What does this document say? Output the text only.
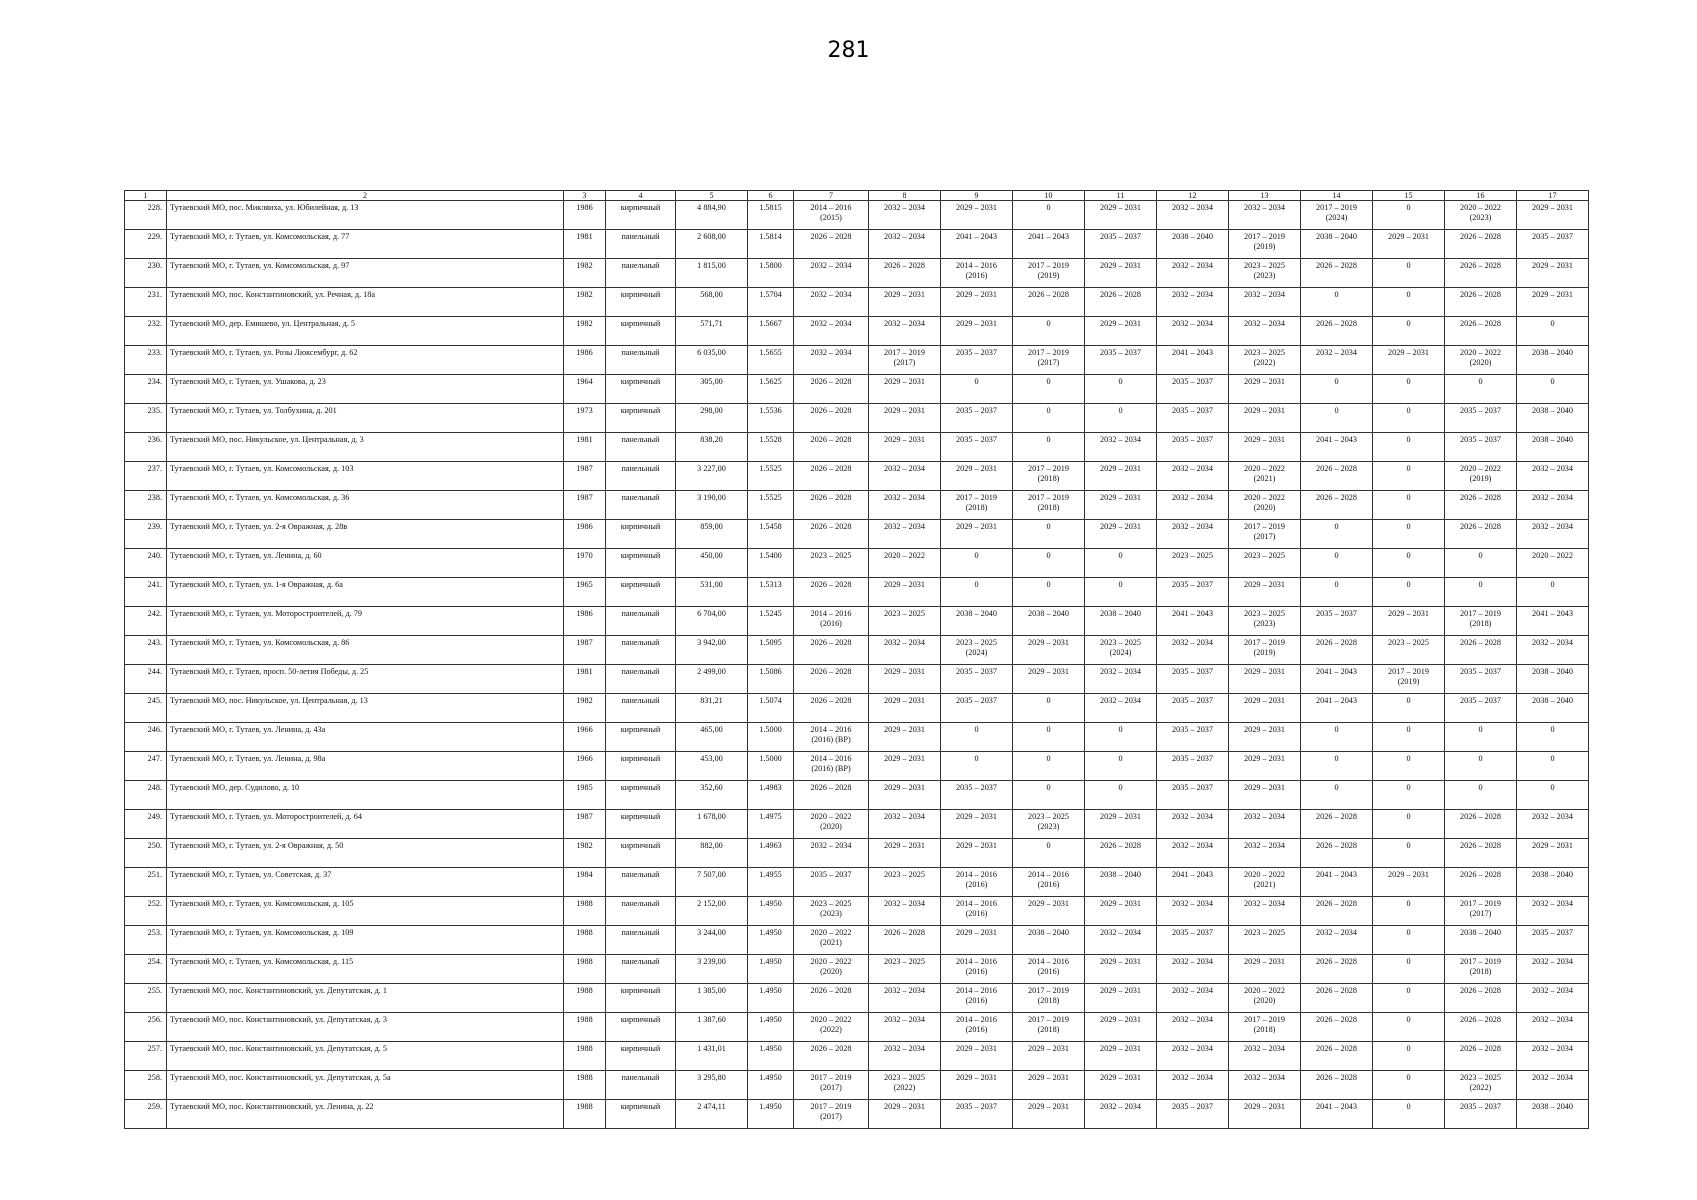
281
1	2	3	4	5	6	7	8	9	10	11	12	13	14	15	16	17
228.	Тутаевский МО, пос. Микляиха, ул. Юбилейная, д. 13	1986	кирпичный	4 884,90	1.5815	2014 – 2016
(2015)	2032 – 2034	2029 – 2031	0	2029 – 2031	2032 – 2034	2032 – 2034	2017 – 2019
(2024)	0	2020 – 2022
(2023)	2029 – 2031
229.	Тутаевский МО, г. Тутаев, ул. Комсомольская, д. 77	1981	панельный	2 608,00	1.5814	2026 – 2028	2032 – 2034	2041 – 2043	2041 – 2043	2035 – 2037	2038 – 2040	2017 – 2019
(2019)	2038 – 2040	2029 – 2031	2026 – 2028	2035 – 2037
230.	Тутаевский МО, г. Тутаев, ул. Комсомольская, д. 97	1982	панельный	1 815,00	1.5800	2032 – 2034	2026 – 2028	2014 – 2016
(2016)	2017 – 2019
(2019)	2029 – 2031	2032 – 2034	2023 – 2025
(2023)	2026 – 2028	0	2026 – 2028	2029 – 2031
231.	Тутаевский МО, пос. Константиновский, ул. Речная, д. 18а	1982	кирпичный	568,00	1.5704	2032 – 2034	2029 – 2031	2029 – 2031	2026 – 2028	2026 – 2028	2032 – 2034	2032 – 2034	0	0	2026 – 2028	2029 – 2031
232.	Тутаевский МО, дер. Емишево, ул. Центральная, д. 5	1982	кирпичный	571,71	1.5667	2032 – 2034	2032 – 2034	2029 – 2031	0	2029 – 2031	2032 – 2034	2032 – 2034	2026 – 2028	0	2026 – 2028	0
233.	Тутаевский МО, г. Тутаев, ул. Розы Люксембург, д. 62	1986	панельный	6 035,00	1.5655	2032 – 2034	2017 – 2019
(2017)	2035 – 2037	2017 – 2019
(2017)	2035 – 2037	2041 – 2043	2023 – 2025
(2022)	2032 – 2034	2029 – 2031	2020 – 2022
(2020)	2038 – 2040
234.	Тутаевский МО, г. Тутаев, ул. Ушакова, д. 23	1964	кирпичный	305,00	1.5625	2026 – 2028	2029 – 2031	0	0	0	2035 – 2037	2029 – 2031	0	0	0	0
235.	Тутаевский МО, г. Тутаев, ул. Толбухина, д. 201	1973	кирпичный	298,00	1.5536	2026 – 2028	2029 – 2031	2035 – 2037	0	0	2035 – 2037	2029 – 2031	0	0	2035 – 2037	2038 – 2040
236.	Тутаевский МО, пос. Никульское, ул. Центральная, д. 3	1981	панельный	838,20	1.5528	2026 – 2028	2029 – 2031	2035 – 2037	0	2032 – 2034	2035 – 2037	2029 – 2031	2041 – 2043	0	2035 – 2037	2038 – 2040
237.	Тутаевский МО, г. Тутаев, ул. Комсомольская, д. 103	1987	панельный	3 227,00	1.5525	2026 – 2028	2032 – 2034	2029 – 2031	2017 – 2019
(2018)	2029 – 2031	2032 – 2034	2020 – 2022
(2021)	2026 – 2028	0	2020 – 2022
(2019)	2032 – 2034
238.	Тутаевский МО, г. Тутаев, ул. Комсомольская, д. 36	1987	панельный	3 190,00	1.5525	2026 – 2028	2032 – 2034	2017 – 2019
(2018)	2017 – 2019
(2018)	2029 – 2031	2032 – 2034	2020 – 2022
(2020)	2026 – 2028	0	2026 – 2028	2032 – 2034
239.	Тутаевский МО, г. Тутаев, ул. 2-я Овражная, д. 28в	1986	кирпичный	859,00	1.5458	2026 – 2028	2032 – 2034	2029 – 2031	0	2029 – 2031	2032 – 2034	2017 – 2019
(2017)	0	0	2026 – 2028	2032 – 2034
240.	Тутаевский МО, г. Тутаев, ул. Ленина, д. 60	1970	кирпичный	450,00	1.5400	2023 – 2025	2020 – 2022	0	0	0	2023 – 2025	2023 – 2025	0	0	0	2020 – 2022
241.	Тутаевский МО, г. Тутаев, ул. 1-я Овражная, д. 6а	1965	кирпичный	531,00	1.5313	2026 – 2028	2029 – 2031	0	0	0	2035 – 2037	2029 – 2031	0	0	0	0
242.	Тутаевский МО, г. Тутаев, ул. Моторостроителей, д. 79	1986	панельный	6 704,00	1.5245	2014 – 2016
(2016)	2023 – 2025	2038 – 2040	2038 – 2040	2038 – 2040	2041 – 2043	2023 – 2025
(2023)	2035 – 2037	2029 – 2031	2017 – 2019
(2018)	2041 – 2043
243.	Тутаевский МО, г. Тутаев, ул. Комсомольская, д. 86	1987	панельный	3 942,00	1.5095	2026 – 2028	2032 – 2034	2023 – 2025
(2024)	2029 – 2031	2023 – 2025
(2024)	2032 – 2034	2017 – 2019
(2019)	2026 – 2028	2023 – 2025	2026 – 2028	2032 – 2034
244.	Тутаевский МО, г. Тутаев, просп. 50-летия Победы, д. 25	1981	панельный	2 499,00	1.5086	2026 – 2028	2029 – 2031	2035 – 2037	2029 – 2031	2032 – 2034	2035 – 2037	2029 – 2031	2041 – 2043	2017 – 2019
(2019)	2035 – 2037	2038 – 2040
245.	Тутаевский МО, пос. Никульское, ул. Центральная, д. 13	1982	панельный	831,21	1.5074	2026 – 2028	2029 – 2031	2035 – 2037	0	2032 – 2034	2035 – 2037	2029 – 2031	2041 – 2043	0	2035 – 2037	2038 – 2040
246.	Тутаевский МО, г. Тутаев, ул. Ленина, д. 43а	1966	кирпичный	465,00	1.5000	2014 – 2016
(2016) (ВР)	2029 – 2031	0	0	0	2035 – 2037	2029 – 2031	0	0	0	0
247.	Тутаевский МО, г. Тутаев, ул. Ленина, д. 98а	1966	кирпичный	453,00	1.5000	2014 – 2016
(2016) (ВР)	2029 – 2031	0	0	0	2035 – 2037	2029 – 2031	0	0	0	0
248.	Тутаевский МО, дер. Судилово, д. 10	1985	кирпичный	352,60	1.4983	2026 – 2028	2029 – 2031	2035 – 2037	0	0	2035 – 2037	2029 – 2031	0	0	0	0
249.	Тутаевский МО, г. Тутаев, ул. Моторостроителей, д. 64	1987	кирпичный	1 678,00	1.4975	2020 – 2022
(2020)	2032 – 2034	2029 – 2031	2023 – 2025
(2023)	2029 – 2031	2032 – 2034	2032 – 2034	2026 – 2028	0	2026 – 2028	2032 – 2034
250.	Тутаевский МО, г. Тутаев, ул. 2-я Овражная, д. 50	1982	кирпичный	882,00	1.4963	2032 – 2034	2029 – 2031	2029 – 2031	0	2026 – 2028	2032 – 2034	2032 – 2034	2026 – 2028	0	2026 – 2028	2029 – 2031
251.	Тутаевский МО, г. Тутаев, ул. Советская, д. 37	1984	панельный	7 507,00	1.4955	2035 – 2037	2023 – 2025	2014 – 2016
(2016)	2014 – 2016
(2016)	2038 – 2040	2041 – 2043	2020 – 2022
(2021)	2041 – 2043	2029 – 2031	2026 – 2028	2038 – 2040
252.	Тутаевский МО, г. Тутаев, ул. Комсомольская, д. 105	1988	панельный	2 152,00	1.4950	2023 – 2025
(2023)	2032 – 2034	2014 – 2016
(2016)	2029 – 2031	2029 – 2031	2032 – 2034	2032 – 2034	2026 – 2028	0	2017 – 2019
(2017)	2032 – 2034
253.	Тутаевский МО, г. Тутаев, ул. Комсомольская, д. 109	1988	панельный	3 244,00	1.4950	2020 – 2022
(2021)	2026 – 2028	2029 – 2031	2038 – 2040	2032 – 2034	2035 – 2037	2023 – 2025	2032 – 2034	0	2038 – 2040	2035 – 2037
254.	Тутаевский МО, г. Тутаев, ул. Комсомольская, д. 115	1988	панельный	3 239,00	1.4950	2020 – 2022
(2020)	2023 – 2025	2014 – 2016
(2016)	2014 – 2016
(2016)	2029 – 2031	2032 – 2034	2029 – 2031	2026 – 2028	0	2017 – 2019
(2018)	2032 – 2034
255.	Тутаевский МО, пос. Константиновский, ул. Депутатская, д. 1	1988	кирпичный	1 385,00	1.4950	2026 – 2028	2032 – 2034	2014 – 2016
(2016)	2017 – 2019
(2018)	2029 – 2031	2032 – 2034	2020 – 2022
(2020)	2026 – 2028	0	2026 – 2028	2032 – 2034
256.	Тутаевский МО, пос. Константиновский, ул. Депутатская, д. 3	1988	кирпичный	1 387,60	1.4950	2020 – 2022
(2022)	2032 – 2034	2014 – 2016
(2016)	2017 – 2019
(2018)	2029 – 2031	2032 – 2034	2017 – 2019
(2018)	2026 – 2028	0	2026 – 2028	2032 – 2034
257.	Тутаевский МО, пос. Константиновский, ул. Депутатская, д. 5	1988	кирпичный	1 431,01	1.4950	2026 – 2028	2032 – 2034	2029 – 2031	2029 – 2031	2029 – 2031	2032 – 2034	2032 – 2034	2026 – 2028	0	2026 – 2028	2032 – 2034
258.	Тутаевский МО, пос. Константиновский, ул. Депутатская, д. 5а	1988	панельный	3 295,80	1.4950	2017 – 2019
(2017)	2023 – 2025
(2022)	2029 – 2031	2029 – 2031	2029 – 2031	2032 – 2034	2032 – 2034	2026 – 2028	0	2023 – 2025
(2022)	2032 – 2034
259.	Тутаевский МО, пос. Константиновский, ул. Ленина, д. 22	1988	кирпичный	2 474,11	1.4950	2017 – 2019
(2017)	2029 – 2031	2035 – 2037	2029 – 2031	2032 – 2034	2035 – 2037	2029 – 2031	2041 – 2043	0	2035 – 2037	2038 – 2040
